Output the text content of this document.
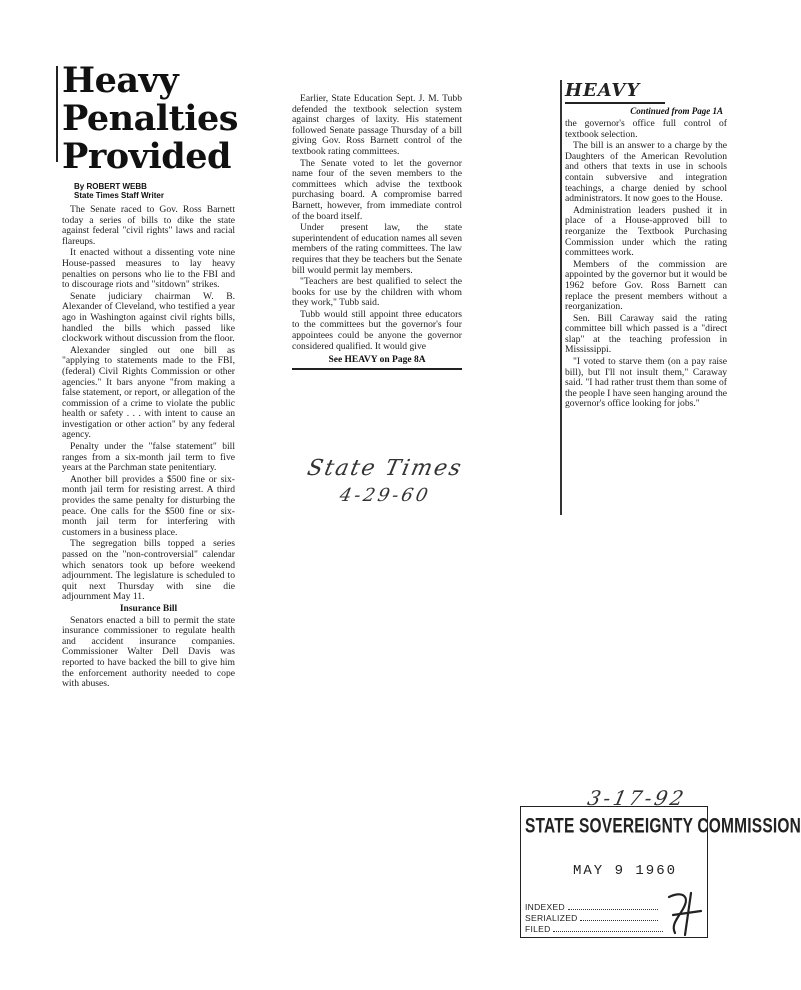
Heavy
Penalties
Provided
By ROBERT WEBB
State Times Staff Writer

The Senate raced to Gov. Ross Barnett today a series of bills to dike the state against federal "civil rights" laws and racial flareups.

It enacted without a dissenting vote nine House-passed measures to lay heavy penalties on persons who lie to the FBI and to discourage riots and "sitdown" strikes.

Senate judiciary chairman W. B. Alexander of Cleveland, who testified a year ago in Washington against civil rights bills, handled the bills which passed like clockwork without discussion from the floor.

Alexander singled out one bill as "applying to statements made to the FBI, (federal) Civil Rights Commission or other agencies." It bars anyone "from making a false statement, or report, or allegation of the commission of a crime to violate the public health or safety . . . with intent to cause an investigation or other action" by any federal agency.

Penalty under the "false statement" bill ranges from a six-month jail term to five years at the Parchman state penitentiary.

Another bill provides a $500 fine or six-month jail term for resisting arrest. A third provides the same penalty for disturbing the peace. One calls for the $500 fine or six-month jail term for interfering with customers in a business place.

The segregation bills topped a series passed on the "non-controversial" calendar which senators took up before weekend adjournment. The legislature is scheduled to quit next Thursday with sine die adjournment May 11.

Insurance Bill

Senators enacted a bill to permit the state insurance commissioner to regulate health and accident insurance companies. Commissioner Walter Dell Davis was reported to have backed the bill to give him the enforcement authority needed to cope with abuses.

Earlier, State Education Sept. J. M. Tubb defended the textbook selection system against charges of laxity. His statement followed Senate passage Thursday of a bill giving Gov. Ross Barnett control of the textbook rating committees.

The Senate voted to let the governor name four of the seven members to the committees which advise the textbook purchasing board. A compromise barred Barnett, however, from immediate control of the board itself.

Under present law, the state superintendent of education names all seven members of the rating committees. The law requires that they be teachers but the Senate bill would permit lay members.

"Teachers are best qualified to select the books for use by the children with whom they work," Tubb said.

Tubb would still appoint three educators to the committees but the governor's four appointees could be anyone the governor considered qualified. It would give

See HEAVY on Page 8A
State Times
4-29-60
HEAVY
Continued from Page 1A

the governor's office full control of textbook selection.

The bill is an answer to a charge by the Daughters of the American Revolution and others that texts in use in schools contain subversive and integration teachings, a charge denied by school administrators. It now goes to the House.

Administration leaders pushed it in place of a House-approved bill to reorganize the Textbook Purchasing Commission under which the rating committees work.

Members of the commission are appointed by the governor but it would be 1962 before Gov. Ross Barnett can replace the present members without a reorganization.

Sen. Bill Caraway said the rating committee bill which passed is a "direct slap" at the teaching profession in Mississippi.

"I voted to starve them (on a pay raise bill), but I'll not insult them," Caraway said. "I had rather trust them than some of the people I have seen hanging around the governor's office looking for jobs."

3-17-92
STATE SOVEREIGNTY COMMISSION
MAY 9 1960
INDEXED
SERIALIZED
FILED
